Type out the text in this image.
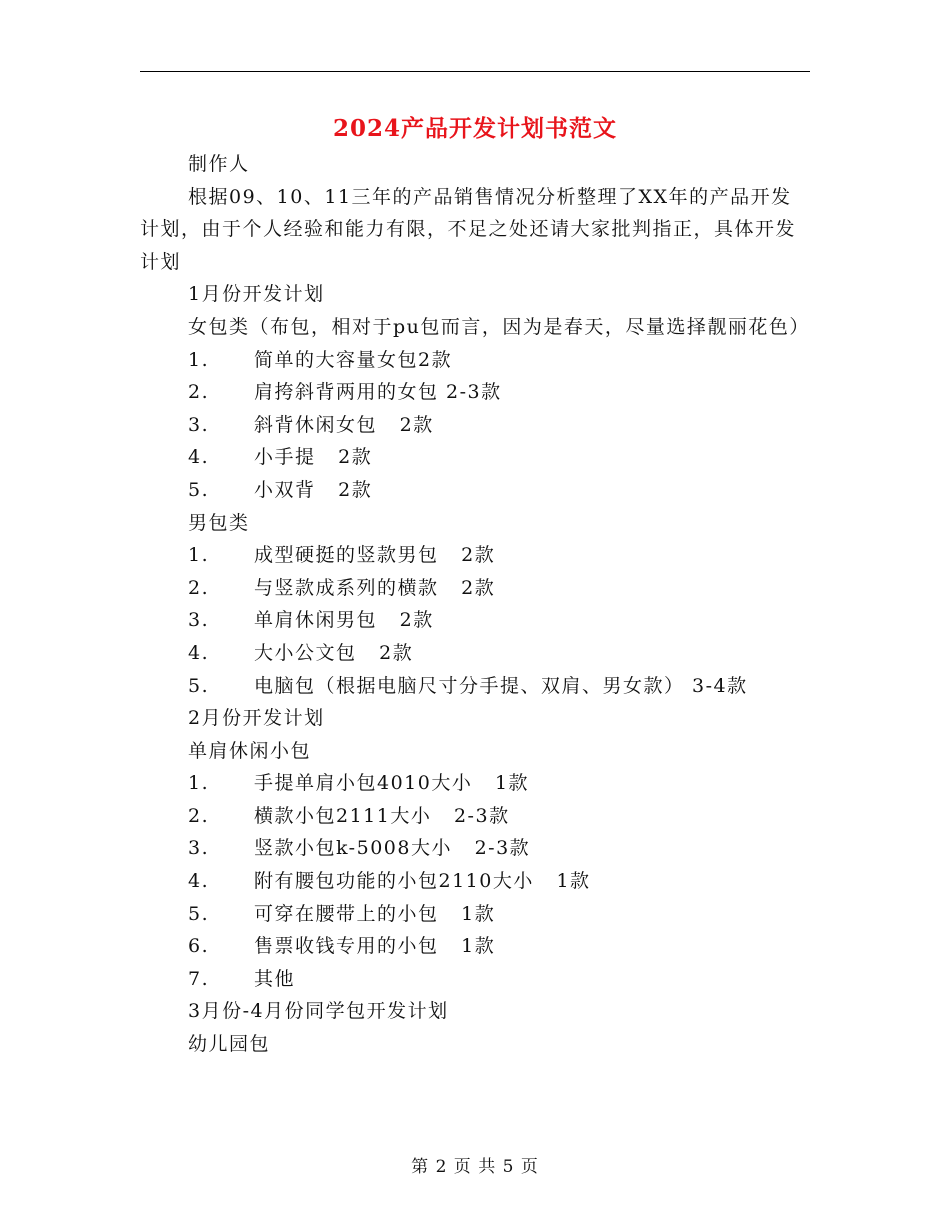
2024产品开发计划书范文

制作人

根据09、10、11三年的产品销售情况分析整理了XX年的产品开发计划，由于个人经验和能力有限，不足之处还请大家批判指正，具体开发计划

1月份开发计划

女包类（布包，相对于pu包而言，因为是春天，尽量选择靓丽花色）

1.	简单的大容量女包2款
2.	肩挎斜背两用的女包 2-3款
3.	斜背休闲女包   2款
4.	小手提   2款
5.	小双背   2款

男包类

1.	成型硬挺的竖款男包   2款
2.	与竖款成系列的横款   2款
3.	单肩休闲男包   2款
4.	大小公文包   2款
5.	电脑包（根据电脑尺寸分手提、双肩、男女款） 3-4款

2月份开发计划

单肩休闲小包

1.	手提单肩小包4010大小   1款
2.	横款小包2111大小   2-3款
3.	竖款小包k-5008大小   2-3款
4.	附有腰包功能的小包2110大小   1款
5.	可穿在腰带上的小包   1款
6.	售票收钱专用的小包   1款
7.	其他

3月份-4月份同学包开发计划

幼儿园包

第 2 页 共 5 页
